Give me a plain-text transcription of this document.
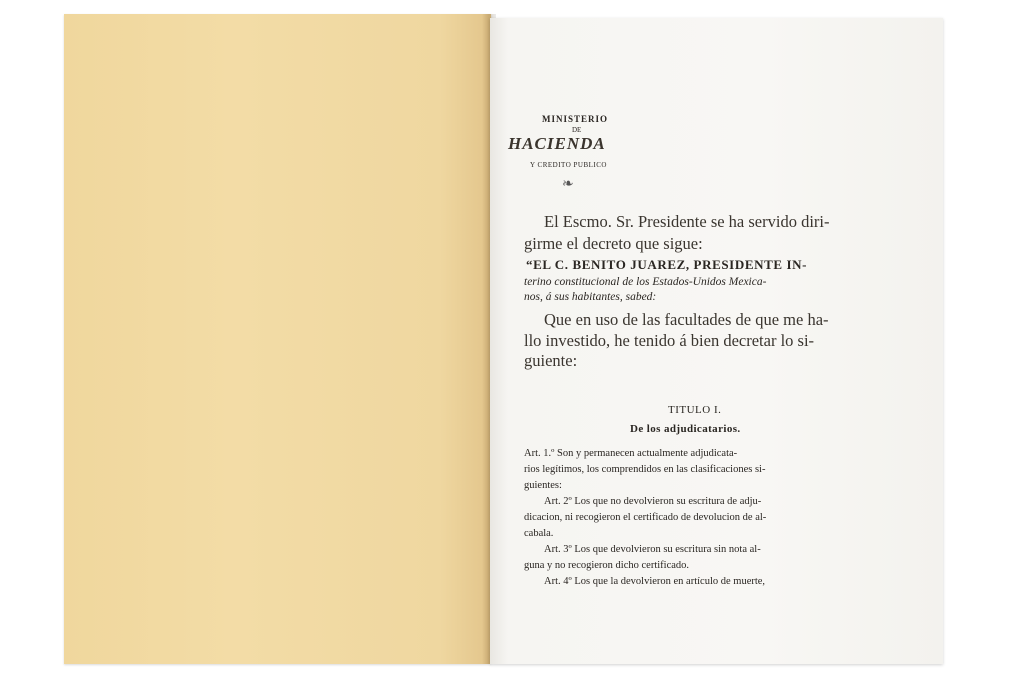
MINISTERIO
DE
HACIENDA
Y CREDITO PUBLICO
❧

El Escmo. Sr. Presidente se ha servido diri-

girme el decreto que sigue:

“EL C. BENITO JUAREZ, PRESIDENTE IN-

terino constitucional de los Estados-Unidos Mexica-

nos, á sus habitantes, sabed:

Que en uso de las facultades de que me ha-

llo investido, he tenido á bien decretar lo si-

guiente:

TITULO I.

De los adjudicatarios.

Art. 1.º Son y permanecen actualmente adjudicata-

rios legítimos, los comprendidos en las clasificaciones si-

guientes:

Art. 2º Los que no devolvieron su escritura de adju-

dicacion, ni recogieron el certificado de devolucion de al-

cabala.

Art. 3º Los que devolvieron su escritura sin nota al-

guna y no recogieron dicho certificado.

Art. 4º Los que la devolvieron en artículo de muerte,
